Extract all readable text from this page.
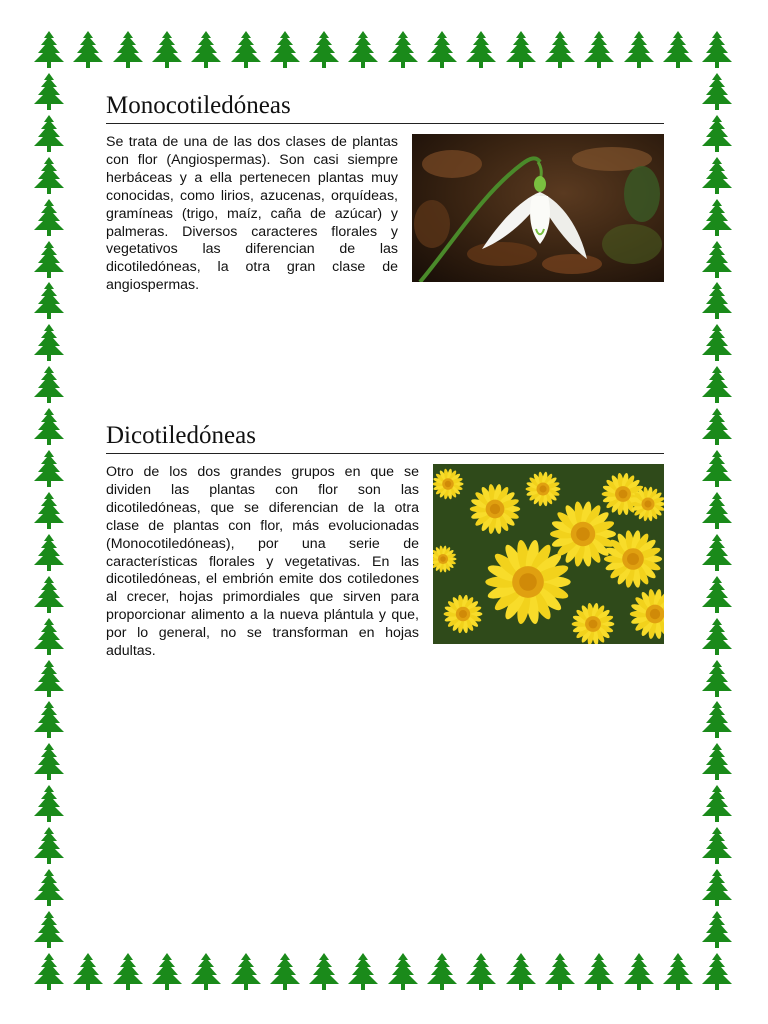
Monocotiledóneas

Se trata de una de las dos clases de plantas con flor (Angiospermas). Son casi siempre herbáceas y a ella pertenecen plantas muy conocidas, como lirios, azucenas, orquídeas, gramíneas (trigo, maíz, caña de azúcar) y palmeras. Diversos caracteres florales y vegetativos las diferencian de las dicotiledóneas, la otra gran clase de angiospermas.

Dicotiledóneas

Otro de los dos grandes grupos en que se dividen las plantas con flor son las dicotiledóneas, que se diferencian de la otra clase de plantas con flor, más evolucionadas (Monocotiledóneas), por una serie de características florales y vegetativas. En las dicotiledóneas, el embrión emite dos cotiledones al crecer, hojas primordiales que sirven para proporcionar alimento a la nueva plántula y que, por lo general, no se transforman en hojas adultas.
